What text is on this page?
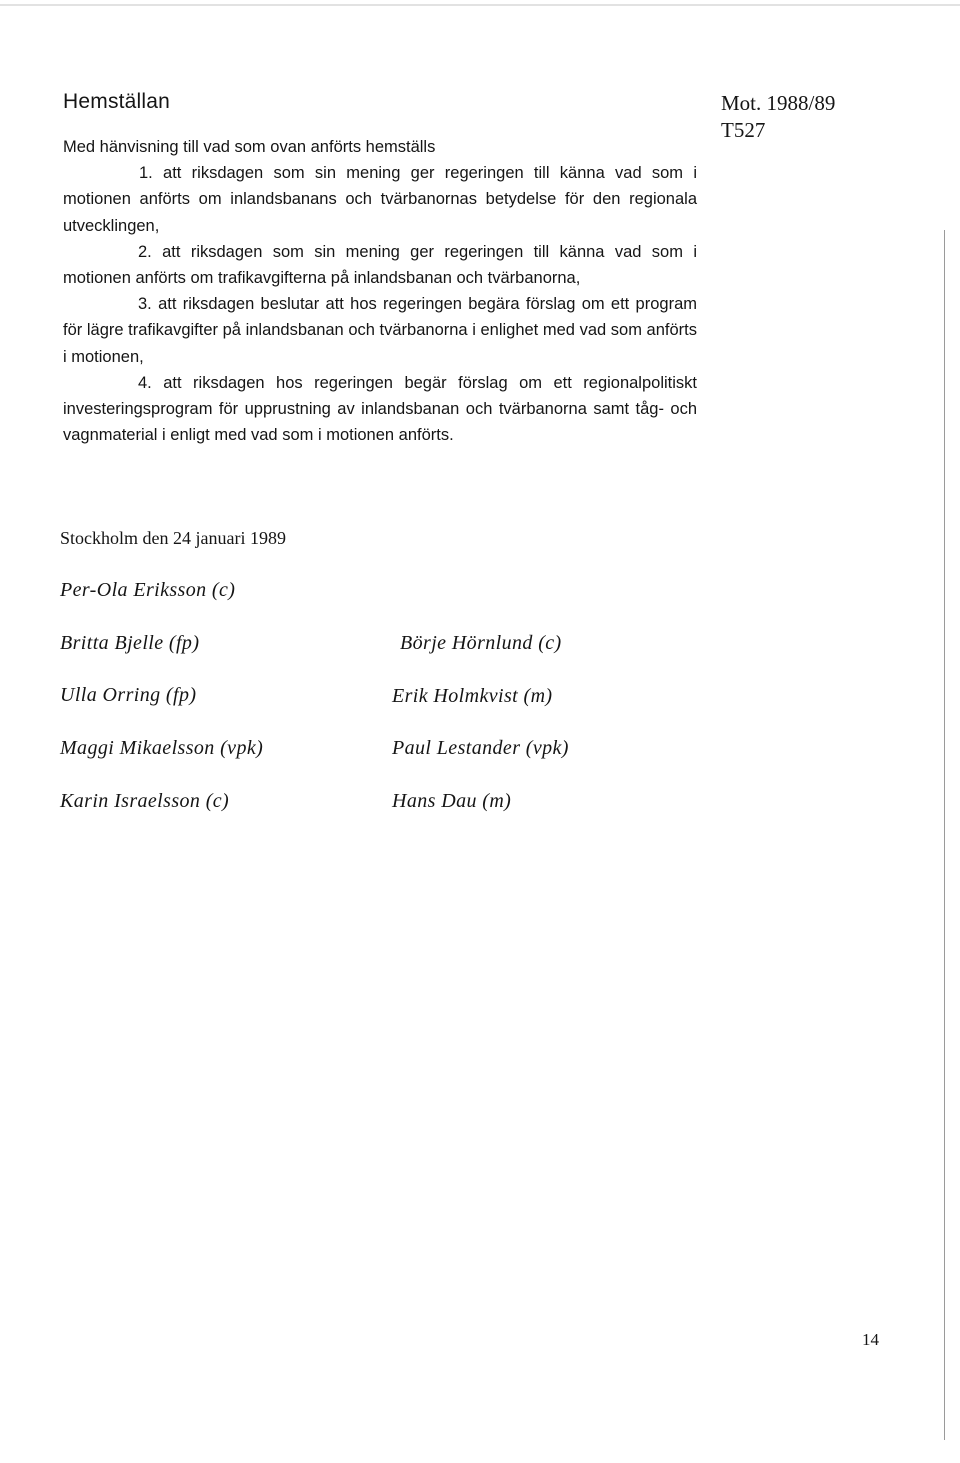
Hemställan	Mot. 1988/89
T527

Med hänvisning till vad som ovan anförts hemställs

1. att riksdagen som sin mening ger regeringen till känna vad som i motionen anförts om inlandsbanans och tvärbanornas betydelse för den regionala utvecklingen,

2. att riksdagen som sin mening ger regeringen till känna vad som i motionen anförts om trafikavgifterna på inlandsbanan och tvärbanorna,

3. att riksdagen beslutar att hos regeringen begära förslag om ett program för lägre trafikavgifter på inlandsbanan och tvärbanorna i enlighet med vad som anförts i motionen,

4. att riksdagen hos regeringen begär förslag om ett regionalpolitiskt investeringsprogram för upprustning av inlandsbanan och tvärbanorna samt tåg- och vagnmaterial i enligt med vad som i motionen anförts.

Stockholm den 24 januari 1989
Per-Ola Eriksson (c)
Britta Bjelle (fp)	Börje Hörnlund (c)
Ulla Orring (fp)	Erik Holmkvist (m)
Maggi Mikaelsson (vpk)	Paul Lestander (vpk)
Karin Israelsson (c)	Hans Dau (m)
14
